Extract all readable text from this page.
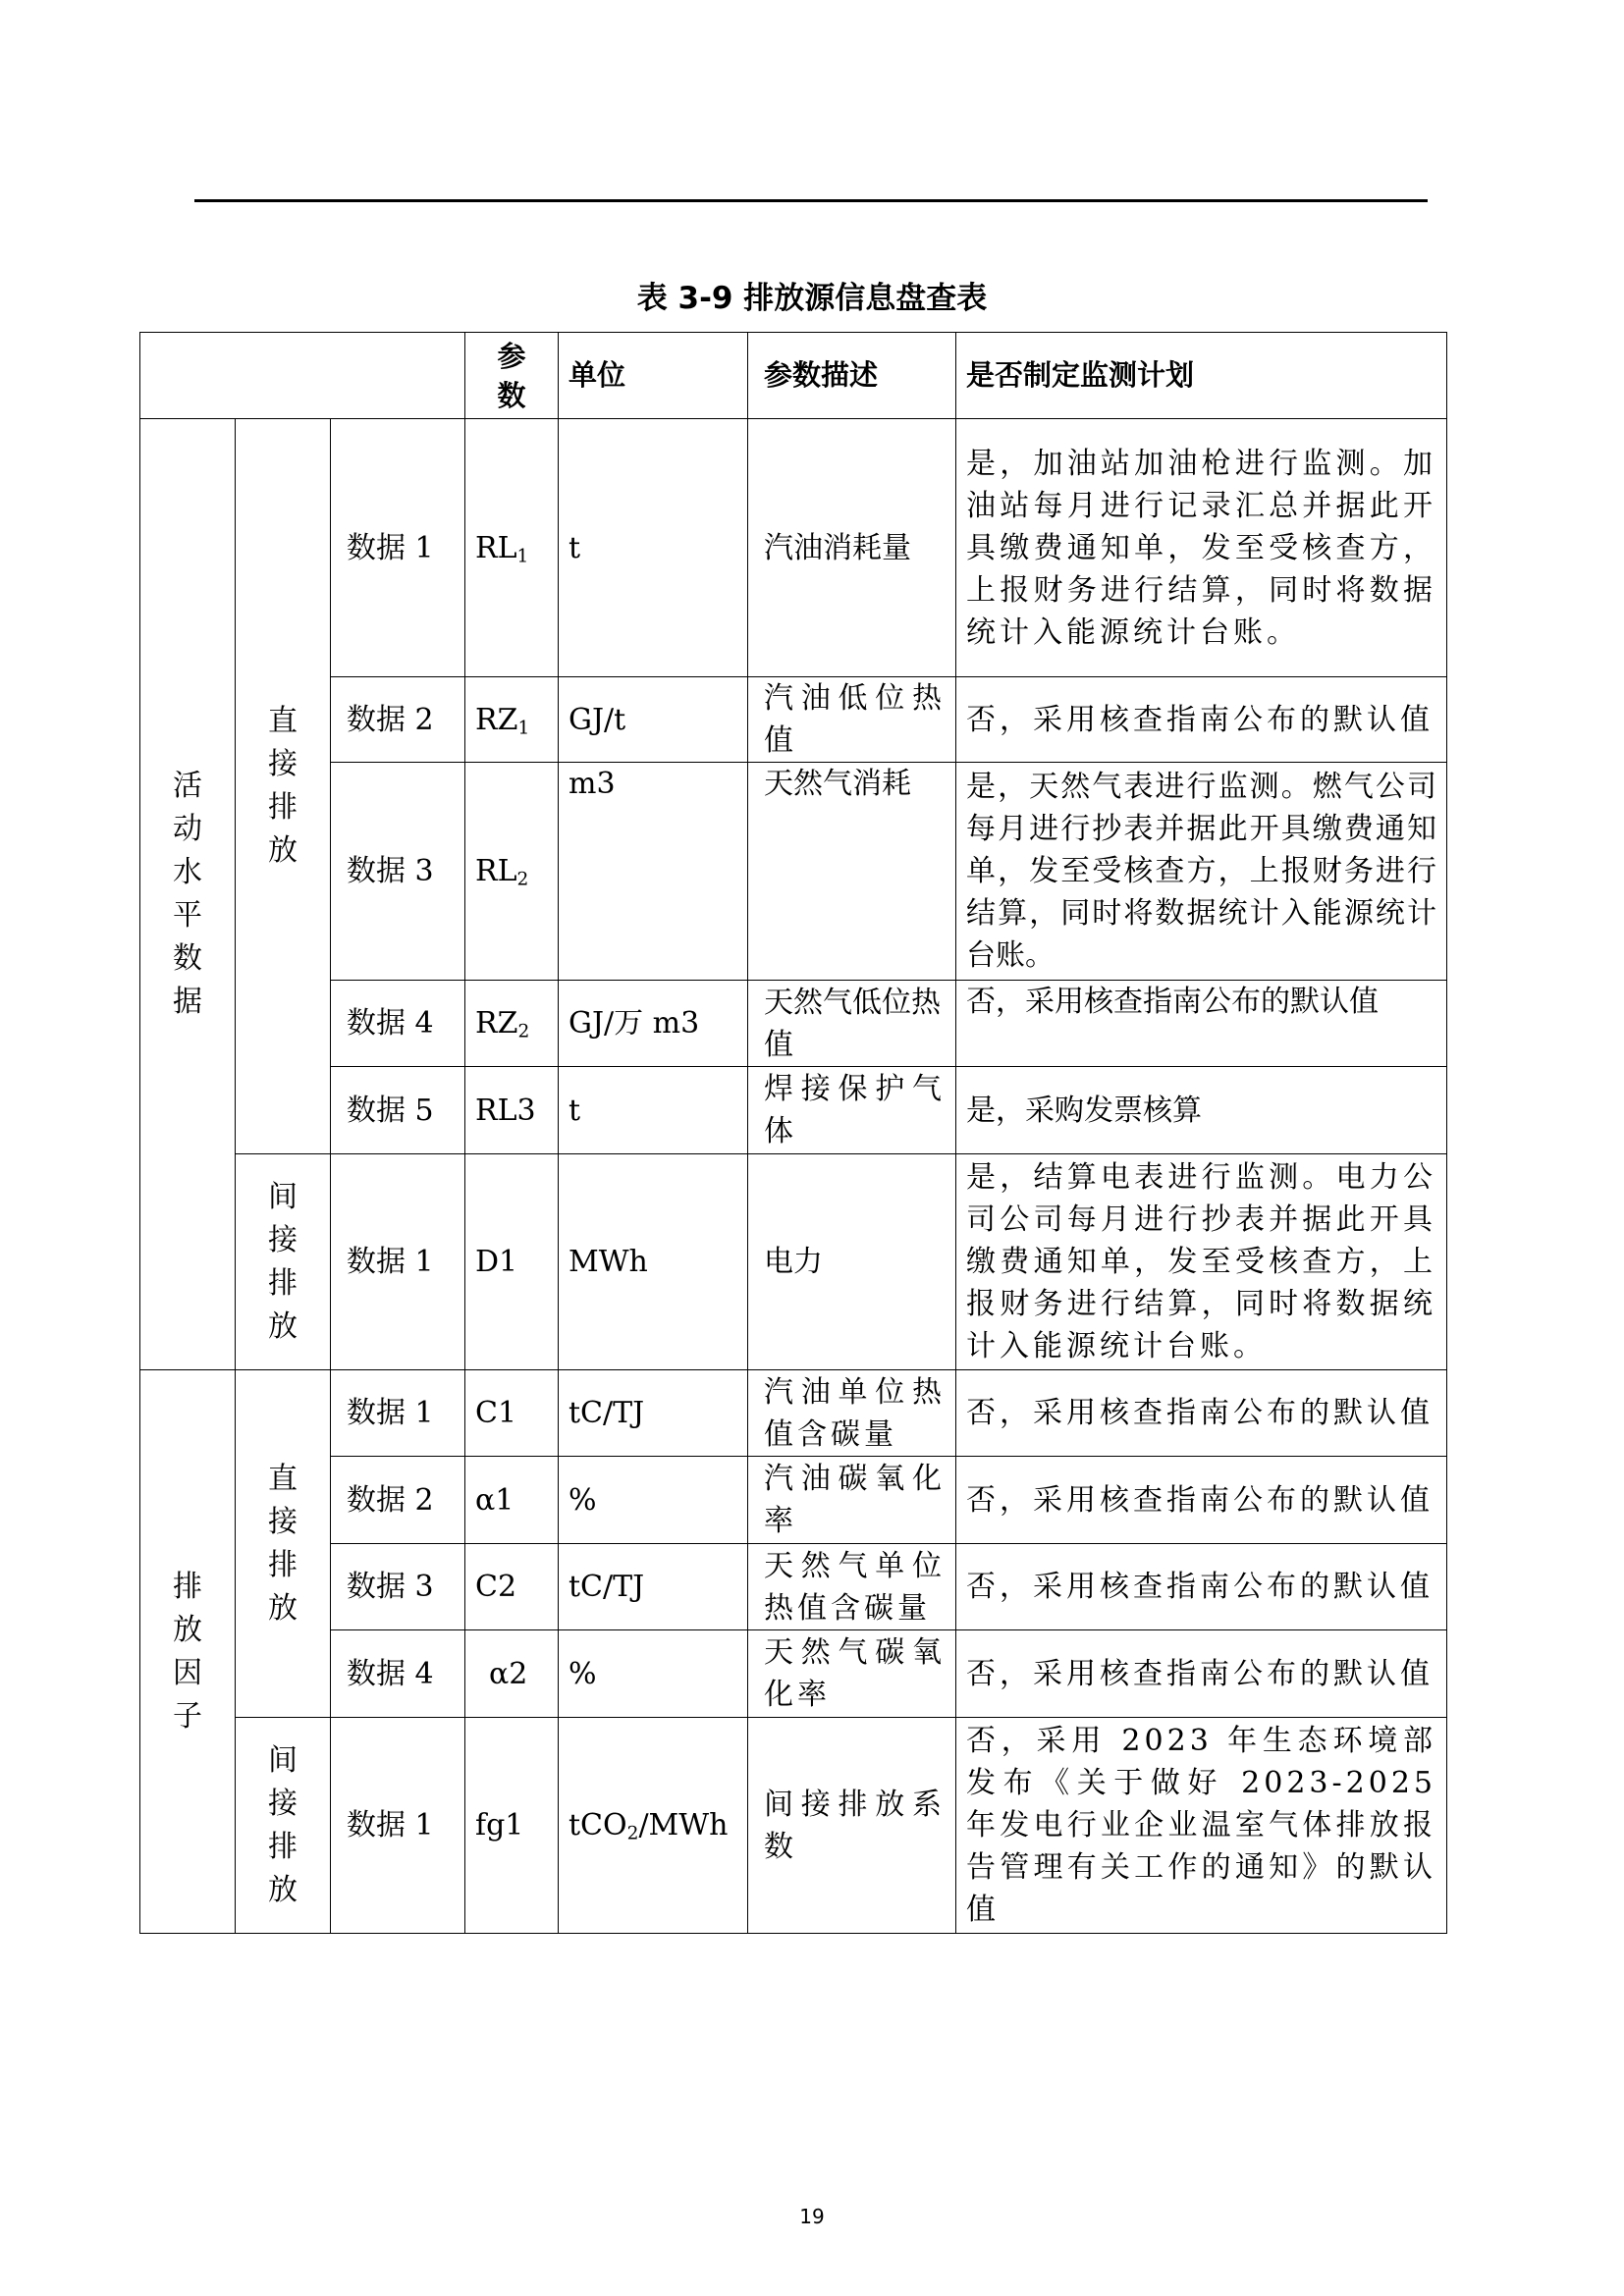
表 3-9 排放源信息盘查表

			参数	单位	参数描述	是否制定监测计划

活动水平数据	直接排放	数据 1	$RL_1$	t	汽油消耗量	是，加油站加油枪进行监测。加油站每月进行记录汇总并据此开具缴费通知单，发至受核查方，上报财务进行结算，同时将数据统计入能源统计台账。
		数据 2	$RZ_1$	GJ/t	汽油低位热值	否，采用核查指南公布的默认值
		数据 3	$RL_2$	m3	天然气消耗	是，天然气表进行监测。燃气公司每月进行抄表并据此开具缴费通知单，发至受核查方，上报财务进行结算，同时将数据统计入能源统计台账。
		数据 4	$RZ_2$	GJ/万 m3	天然气低位热值	否，采用核查指南公布的默认值
		数据 5	RL3	t	焊接保护气体	是，采购发票核算

	间接排放	数据 1	D1	MWh	电力	是，结算电表进行监测。电力公司公司每月进行抄表并据此开具缴费通知单，发至受核查方，上报财务进行结算，同时将数据统计入能源统计台账。

排放因子	直接排放	数据 1	C1	tC/TJ	汽油单位热值含碳量	否，采用核查指南公布的默认值
		数据 2	α1	%	汽油碳氧化率	否，采用核查指南公布的默认值
		数据 3	C2	tC/TJ	天然气单位热值含碳量	否，采用核查指南公布的默认值
		数据 4	α2	%	天然气碳氧化率	否，采用核查指南公布的默认值

	间接排放	数据 1	fg1	tCO$_2$/MWh	间接排放系数	否，采用 2023 年生态环境部发布《关于做好 2023-2025 年发电行业企业温室气体排放报告管理有关工作的通知》的默认值
19
